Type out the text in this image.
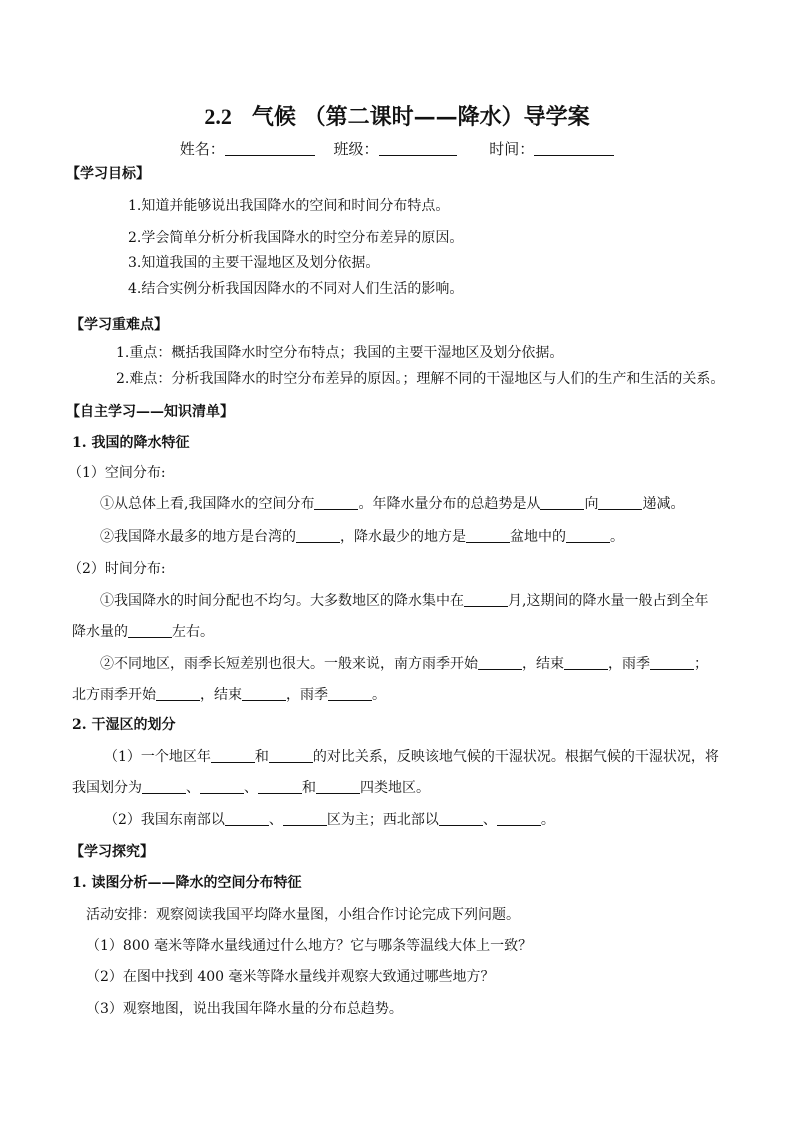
2.2 气候 （第二课时——降水）导学案
姓名：	班级：	时间：
【学习目标】
1.知道并能够说出我国降水的空间和时间分布特点。
2.学会简单分析分析我国降水的时空分布差异的原因。
3.知道我国的主要干湿地区及划分依据。
4.结合实例分析我国因降水的不同对人们生活的影响。
【学习重难点】
1.重点：概括我国降水时空分布特点；我国的主要干湿地区及划分依据。
2.难点：分析我国降水的时空分布差异的原因。；理解不同的干湿地区与人们的生产和生活的关系。
【自主学习——知识清单】
1. 我国的降水特征
（1）空间分布:
①从总体上看,我国降水的空间分布	。年降水量分布的总趋势是从	向	递减。
②我国降水最多的地方是台湾的	，降水最少的地方是	盆地中的	。
（2）时间分布:
①我国降水的时间分配也不均匀。大多数地区的降水集中在	月,这期间的降水量一般占到全年
降水量的	左右。
②不同地区，雨季长短差别也很大。一般来说，南方雨季开始	，结束	，雨季	；
北方雨季开始	，结束	，雨季	。
2. 干湿区的划分
（1）一个地区年	和	的对比关系，反映该地气候的干湿状况。根据气候的干湿状况，将
我国划分为	、	、	和	四类地区。
（2）我国东南部以	、	区为主；西北部以	、	。
【学习探究】
1. 读图分析——降水的空间分布特征
活动安排：观察阅读我国平均降水量图，小组合作讨论完成下列问题。
（1）800 毫米等降水量线通过什么地方？它与哪条等温线大体上一致？
（2）在图中找到 400 毫米等降水量线并观察大致通过哪些地方？
（3）观察地图，说出我国年降水量的分布总趋势。
